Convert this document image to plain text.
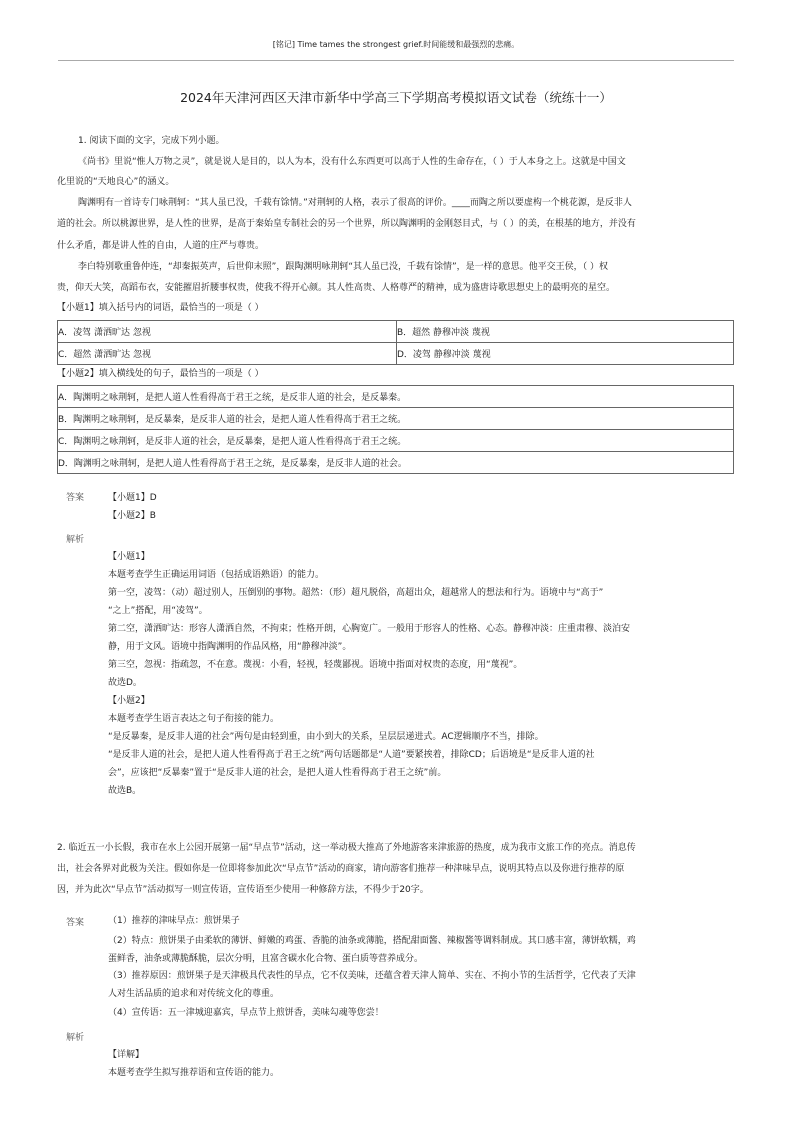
[铭记] Time tames the strongest grief.时间能缓和最强烈的悲痛。
2024年天津河西区天津市新华中学高三下学期高考模拟语文试卷（统练十一）
1. 阅读下面的文字，完成下列小题。
《尚书》里说“惟人万物之灵”，就是说人是目的，以人为本，没有什么东西更可以高于人性的生命存在，（ ）于人本身之上。这就是中国文
化里说的“天地良心”的涵义。
陶渊明有一首诗专门咏荆轲：“其人虽已没，千载有馀情。”对荆轲的人格，表示了很高的评价。____而陶之所以要虚构一个桃花源，是反非人
道的社会。所以桃源世界，是人性的世界，是高于秦始皇专制社会的另一个世界，所以陶渊明的金刚怒目式，与（ ）的美，在根基的地方，并没有
什么矛盾，都是讲人性的自由，人道的庄严与尊贵。
李白特别歌重鲁仲连，“却秦振英声，后世仰末照”，跟陶渊明咏荆轲“其人虽已没，千载有馀情”，是一样的意思。他平交王侯，（ ）权
贵，仰天大笑，高蹈布衣，安能摧眉折腰事权贵，使我不得开心颜。其人性高贵、人格尊严的精神，成为盛唐诗歌思想史上的最明亮的星空。
【小题1】填入括号内的词语，最恰当的一项是（ ）
A．凌驾 潇洒旷达 忽视	B．超然 静穆冲淡 蔑视
C．超然 潇洒旷达 忽视	D．凌驾 静穆冲淡 蔑视
【小题2】填入横线处的句子，最恰当的一项是（ ）
A．陶渊明之咏荆轲，是把人道人性看得高于君王之统，是反非人道的社会，是反暴秦。
B．陶渊明之咏荆轲，是反暴秦，是反非人道的社会，是把人道人性看得高于君王之统。
C．陶渊明之咏荆轲，是反非人道的社会，是反暴秦，是把人道人性看得高于君王之统。
D．陶渊明之咏荆轲，是把人道人性看得高于君王之统，是反暴秦，是反非人道的社会。
答案	【小题1】D
【小题2】B
解析
【小题1】
本题考查学生正确运用词语（包括成语熟语）的能力。
第一空，凌驾：（动）超过别人，压倒别的事物。超然：（形）超凡脱俗，高超出众，超越常人的想法和行为。语境中与“高于”
“之上”搭配，用“凌驾”。
第二空，潇洒旷达：形容人潇洒自然，不拘束；性格开朗，心胸宽广。一般用于形容人的性格、心态。静穆冲淡：庄重肃穆、淡泊安
静，用于文风。语境中指陶渊明的作品风格，用“静穆冲淡”。
第三空，忽视：指疏忽，不在意。蔑视：小看，轻视，轻蔑鄙视。语境中指面对权贵的态度，用“蔑视”。
故选D。
【小题2】
本题考查学生语言表达之句子衔接的能力。
“是反暴秦，是反非人道的社会”两句是由轻到重，由小到大的关系，呈层层递进式。AC逻辑顺序不当，排除。
“是反非人道的社会，是把人道人性看得高于君王之统”两句话题都是“人道”要紧挨着，排除CD；后语境是“是反非人道的社
会”，应该把“反暴秦”置于“是反非人道的社会，是把人道人性看得高于君王之统”前。
故选B。
2. 临近五一小长假，我市在水上公园开展第一届“早点节”活动，这一举动极大推高了外地游客来津旅游的热度，成为我市文旅工作的亮点。消息传
出，社会各界对此极为关注。假如你是一位即将参加此次“早点节”活动的商家，请向游客们推荐一种津味早点，说明其特点以及你进行推荐的原
因，并为此次“早点节”活动拟写一则宣传语，宣传语至少使用一种修辞方法，不得少于20字。
答案	（1）推荐的津味早点：煎饼果子
（2）特点：煎饼果子由柔软的薄饼、鲜嫩的鸡蛋、香脆的油条或薄脆，搭配甜面酱、辣椒酱等调料制成。其口感丰富，薄饼软糯，鸡
蛋鲜香，油条或薄脆酥脆，层次分明，且富含碳水化合物、蛋白质等营养成分。
（3）推荐原因：煎饼果子是天津极具代表性的早点，它不仅美味，还蕴含着天津人简单、实在、不拘小节的生活哲学，它代表了天津
人对生活品质的追求和对传统文化的尊重。
（4）宣传语：五一津城迎嘉宾，早点节上煎饼香，美味勾魂等您尝！
解析
【详解】
本题考查学生拟写推荐语和宣传语的能力。
